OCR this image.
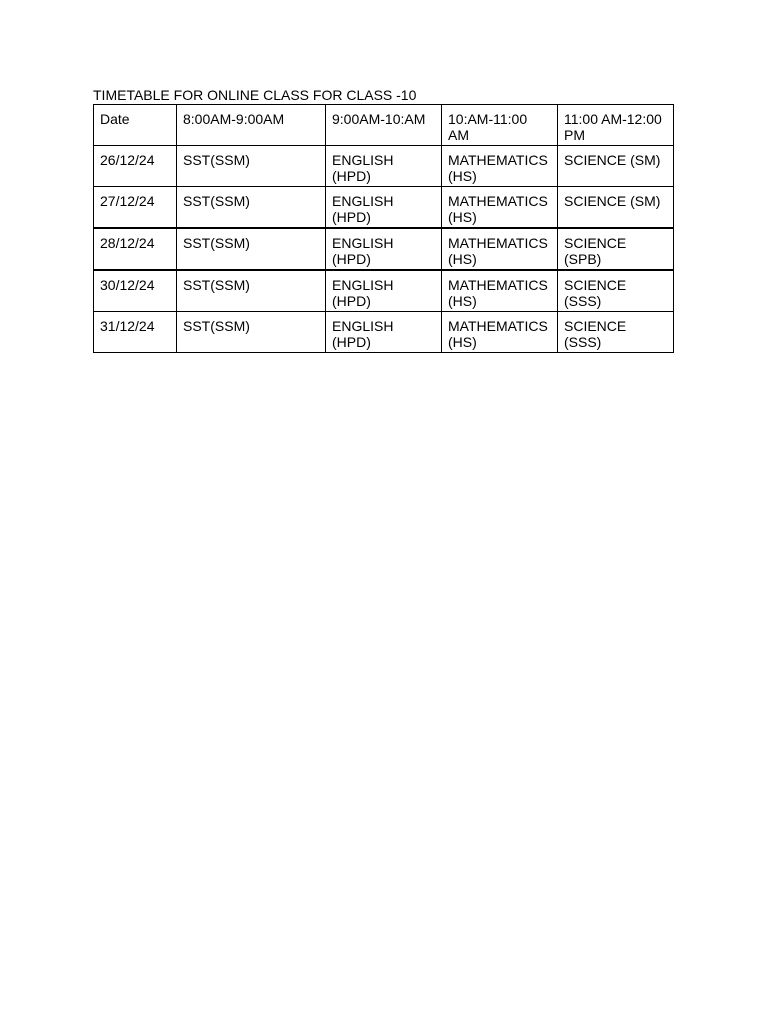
TIMETABLE FOR ONLINE CLASS FOR CLASS -10
Date	8:00AM-9:00AM	9:00AM-10:AM	10:AM-11:00 AM	11:00 AM-12:00 PM
26/12/24	SST(SSM)	ENGLISH (HPD)	MATHEMATICS (HS)	SCIENCE (SM)
27/12/24	SST(SSM)	ENGLISH (HPD)	MATHEMATICS (HS)	SCIENCE (SM)
28/12/24	SST(SSM)	ENGLISH (HPD)	MATHEMATICS (HS)	SCIENCE (SPB)
30/12/24	SST(SSM)	ENGLISH (HPD)	MATHEMATICS (HS)	SCIENCE (SSS)
31/12/24	SST(SSM)	ENGLISH (HPD)	MATHEMATICS (HS)	SCIENCE (SSS)
